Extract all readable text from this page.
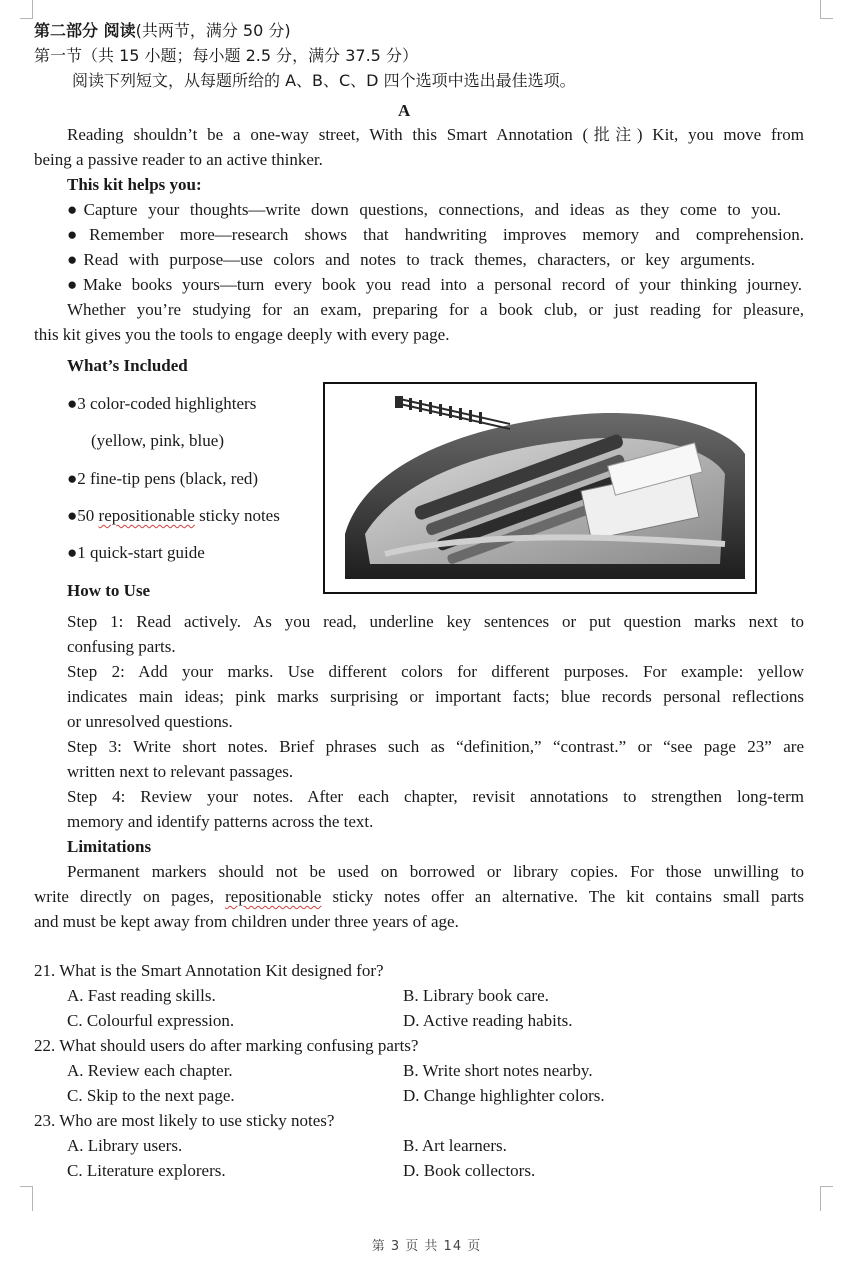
第二部分 阅读(共两节，满分 50 分)
第一节（共 15 小题；每小题 2.5 分，满分 37.5 分）
阅读下列短文，从每题所给的 A、B、C、D 四个选项中选出最佳选项。
A
Reading shouldn’t be a one-way street, With this Smart Annotation (批注) Kit, you move from
being a passive reader to an active thinker.
This kit helps you:
●Capture your thoughts—write down questions, connections, and ideas as they come to you.
●Remember more—research shows that handwriting improves memory and comprehension.
●Read with purpose—use colors and notes to track themes, characters, or key arguments.
●Make books yours—turn every book you read into a personal record of your thinking journey.
Whether you’re studying for an exam, preparing for a book club, or just reading for pleasure,
this kit gives you the tools to engage deeply with every page.
What’s Included
●3 color-coded highlighters
(yellow, pink, blue)
●2 fine-tip pens (black, red)
●50 repositionable sticky notes
●1 quick-start guide
How to Use
Step 1: Read actively. As you read, underline key sentences or put question marks next to
confusing parts.
Step 2: Add your marks. Use different colors for different purposes. For example: yellow
indicates main ideas; pink marks surprising or important facts; blue records personal reflections
or unresolved questions.
Step 3: Write short notes. Brief phrases such as “definition,” “contrast.” or “see page 23” are
written next to relevant passages.
Step 4: Review your notes. After each chapter, revisit annotations to strengthen long-term
memory and identify patterns across the text.
Limitations
Permanent markers should not be used on borrowed or library copies. For those unwilling to
write directly on pages, repositionable sticky notes offer an alternative. The kit contains small parts
and must be kept away from children under three years of age.
21. What is the Smart Annotation Kit designed for?
A. Fast reading skills.	B. Library book care.
C. Colourful expression.	D. Active reading habits.
22. What should users do after marking confusing parts?
A. Review each chapter.	B. Write short notes nearby.
C. Skip to the next page.	D. Change highlighter colors.
23. Who are most likely to use sticky notes?
A. Library users.	B. Art learners.
C. Literature explorers.	D. Book collectors.
第 3 页 共 14 页
